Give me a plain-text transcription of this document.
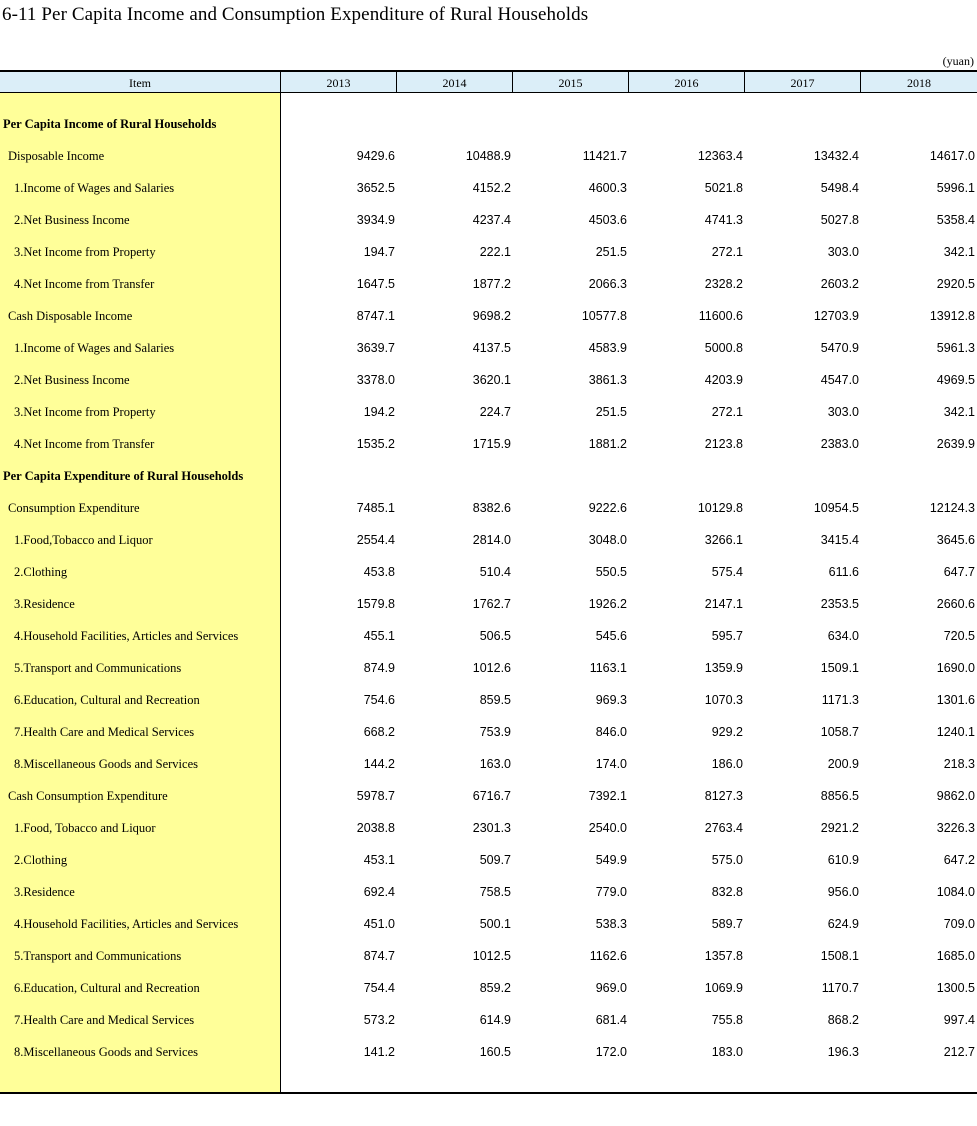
6-11 Per Capita Income and Consumption Expenditure of Rural Households
(yuan)
Item	2013	2014	2015	2016	2017	2018
Per Capita Income of Rural Households
Disposable Income	9429.6	10488.9	11421.7	12363.4	13432.4	14617.0
1.Income of Wages and Salaries	3652.5	4152.2	4600.3	5021.8	5498.4	5996.1
2.Net Business Income	3934.9	4237.4	4503.6	4741.3	5027.8	5358.4
3.Net Income from Property	194.7	222.1	251.5	272.1	303.0	342.1
4.Net Income from Transfer	1647.5	1877.2	2066.3	2328.2	2603.2	2920.5
Cash Disposable Income	8747.1	9698.2	10577.8	11600.6	12703.9	13912.8
1.Income of Wages and Salaries	3639.7	4137.5	4583.9	5000.8	5470.9	5961.3
2.Net Business Income	3378.0	3620.1	3861.3	4203.9	4547.0	4969.5
3.Net Income from Property	194.2	224.7	251.5	272.1	303.0	342.1
4.Net Income from Transfer	1535.2	1715.9	1881.2	2123.8	2383.0	2639.9
Per Capita Expenditure of Rural Households
Consumption Expenditure	7485.1	8382.6	9222.6	10129.8	10954.5	12124.3
1.Food,Tobacco and Liquor	2554.4	2814.0	3048.0	3266.1	3415.4	3645.6
2.Clothing	453.8	510.4	550.5	575.4	611.6	647.7
3.Residence	1579.8	1762.7	1926.2	2147.1	2353.5	2660.6
4.Household Facilities, Articles and Services	455.1	506.5	545.6	595.7	634.0	720.5
5.Transport and Communications	874.9	1012.6	1163.1	1359.9	1509.1	1690.0
6.Education, Cultural and Recreation	754.6	859.5	969.3	1070.3	1171.3	1301.6
7.Health Care and Medical Services	668.2	753.9	846.0	929.2	1058.7	1240.1
8.Miscellaneous Goods and Services	144.2	163.0	174.0	186.0	200.9	218.3
Cash Consumption Expenditure	5978.7	6716.7	7392.1	8127.3	8856.5	9862.0
1.Food, Tobacco and Liquor	2038.8	2301.3	2540.0	2763.4	2921.2	3226.3
2.Clothing	453.1	509.7	549.9	575.0	610.9	647.2
3.Residence	692.4	758.5	779.0	832.8	956.0	1084.0
4.Household Facilities, Articles and Services	451.0	500.1	538.3	589.7	624.9	709.0
5.Transport and Communications	874.7	1012.5	1162.6	1357.8	1508.1	1685.0
6.Education, Cultural and Recreation	754.4	859.2	969.0	1069.9	1170.7	1300.5
7.Health Care and Medical Services	573.2	614.9	681.4	755.8	868.2	997.4
8.Miscellaneous Goods and Services	141.2	160.5	172.0	183.0	196.3	212.7
